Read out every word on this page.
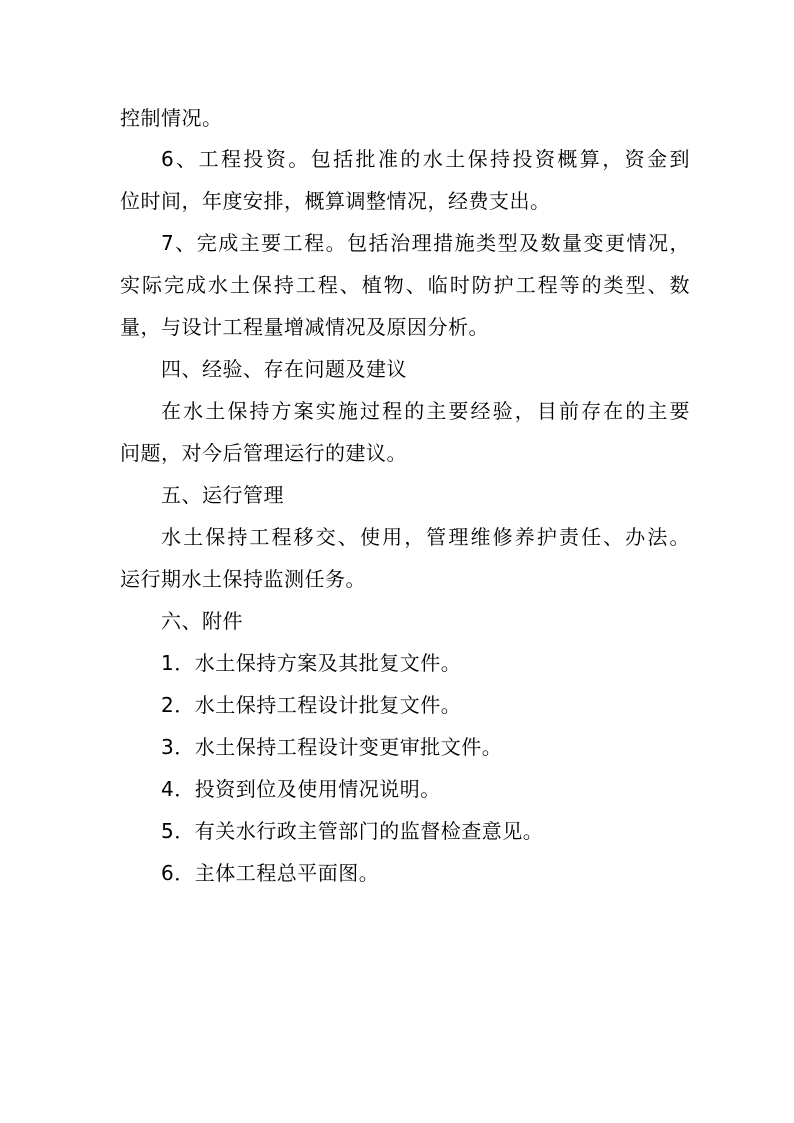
控制情况。
6、工程投资。包括批准的水土保持投资概算，资金到
位时间，年度安排，概算调整情况，经费支出。
7、完成主要工程。包括治理措施类型及数量变更情况，
实际完成水土保持工程、植物、临时防护工程等的类型、数
量，与设计工程量增减情况及原因分析。
四、经验、存在问题及建议
在水土保持方案实施过程的主要经验，目前存在的主要
问题，对今后管理运行的建议。
五、运行管理
水土保持工程移交、使用，管理维修养护责任、办法。
运行期水土保持监测任务。
六、附件
1．水土保持方案及其批复文件。
2．水土保持工程设计批复文件。
3．水土保持工程设计变更审批文件。
4．投资到位及使用情况说明。
5．有关水行政主管部门的监督检查意见。
6．主体工程总平面图。
